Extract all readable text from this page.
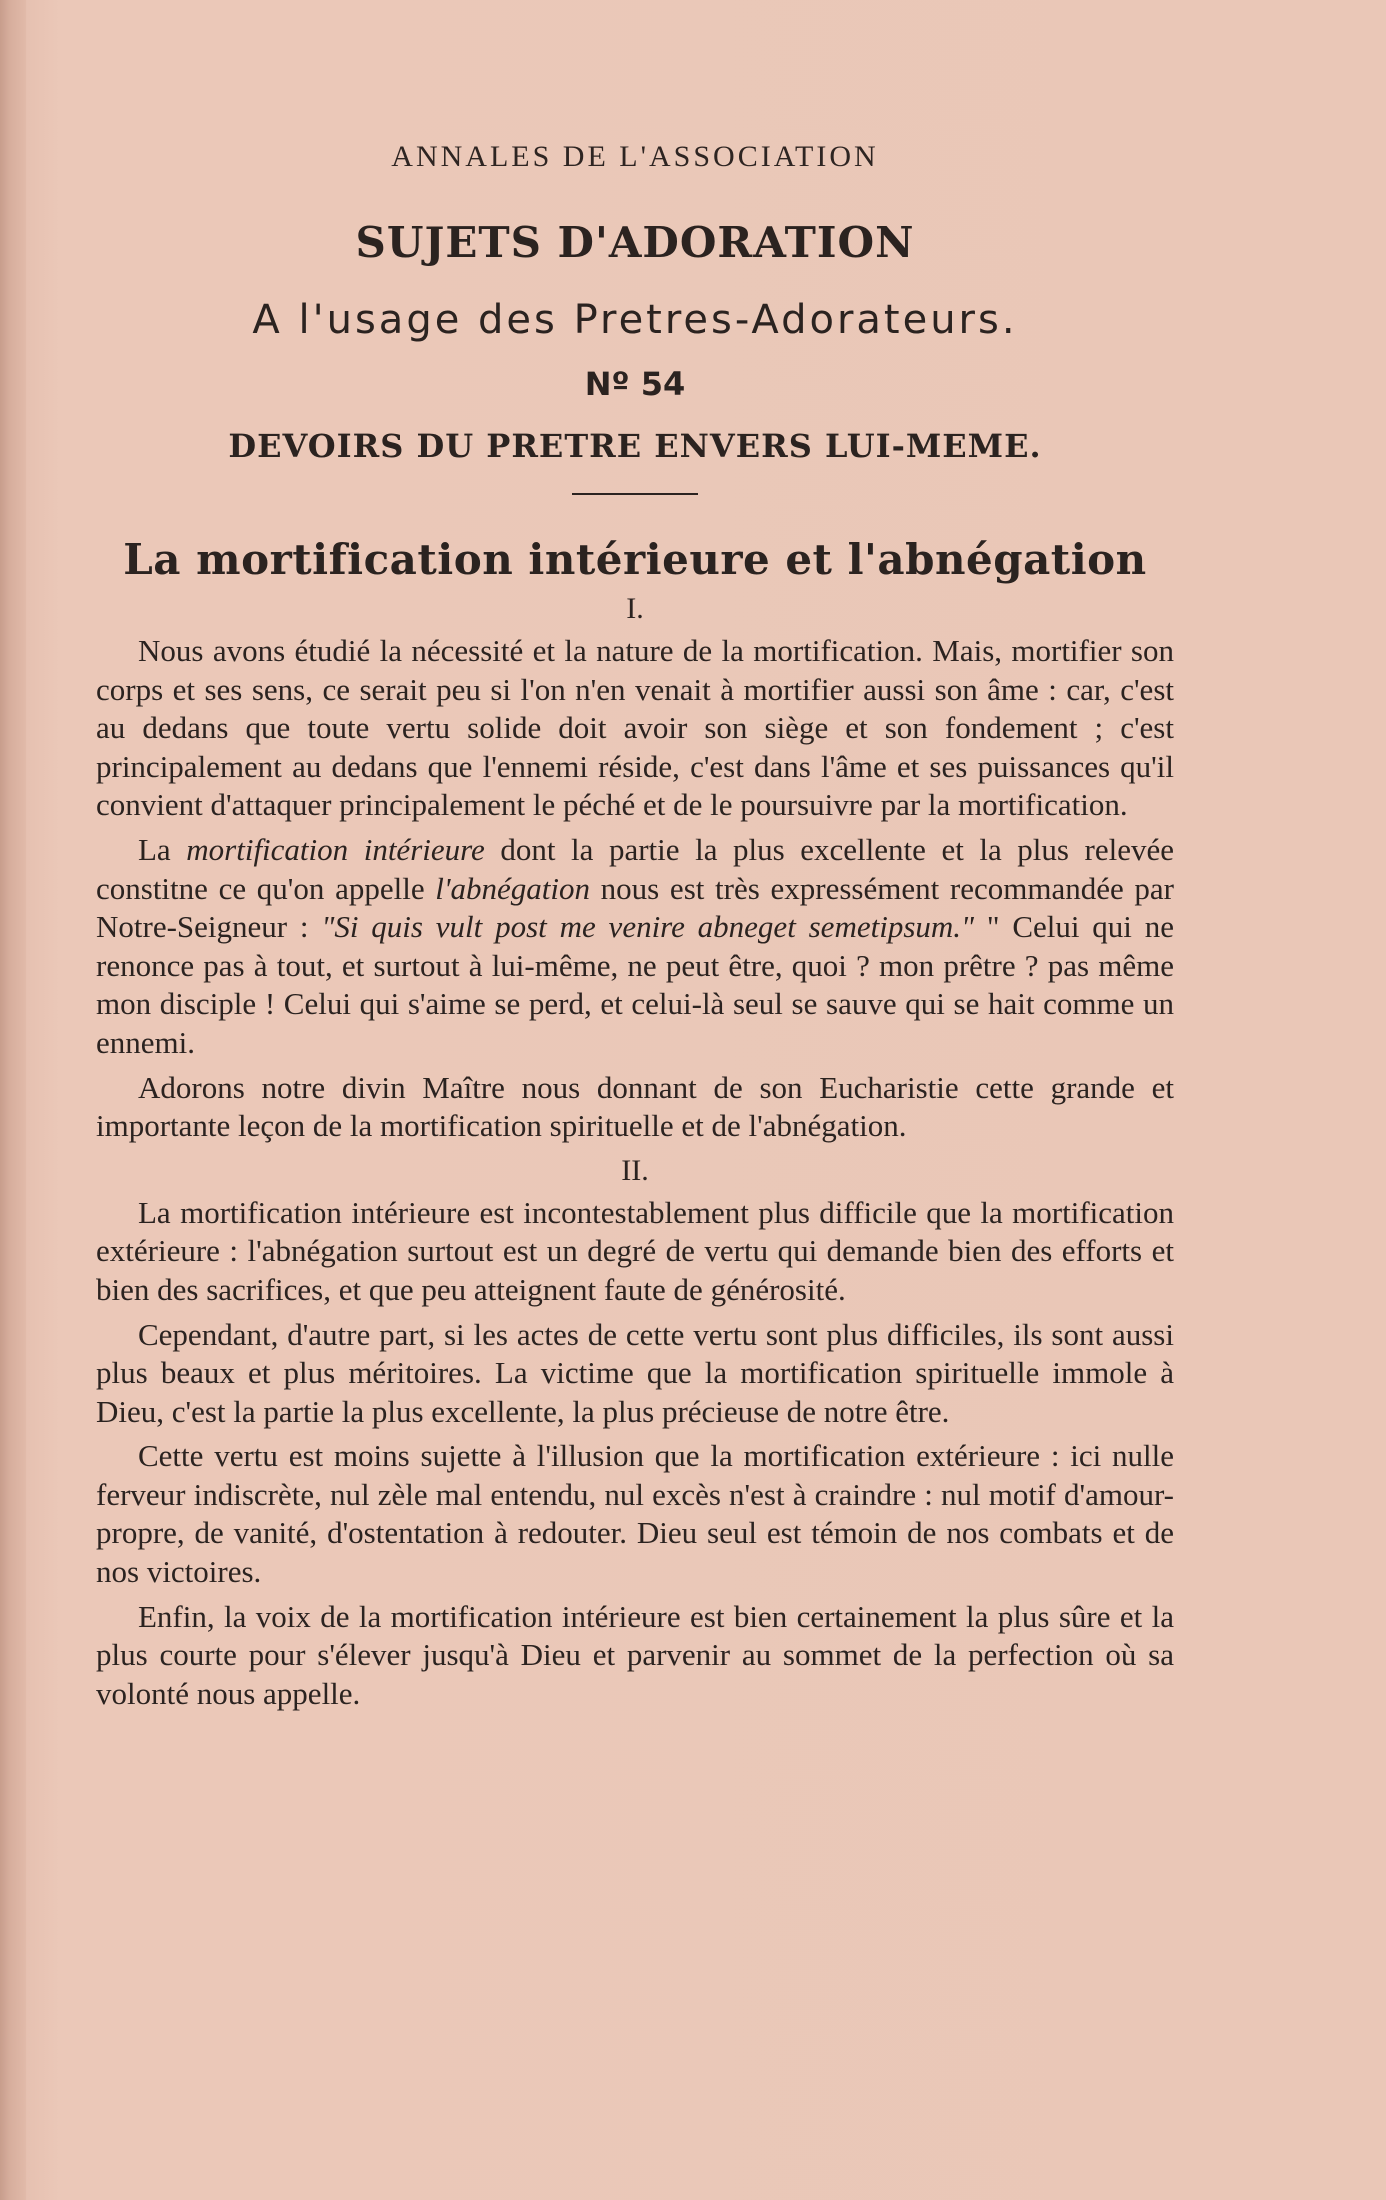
ANNALES DE L'ASSOCIATION
SUJETS D'ADORATION
A l'usage des Pretres-Adorateurs.
Nº 54
DEVOIRS DU PRETRE ENVERS LUI-MEME.
La mortification intérieure et l'abnégation
I.

Nous avons étudié la nécessité et la nature de la mortification. Mais, mortifier son corps et ses sens, ce serait peu si l'on n'en venait à mortifier aussi son âme : car, c'est au dedans que toute vertu solide doit avoir son siège et son fondement ; c'est principalement au dedans que l'ennemi réside, c'est dans l'âme et ses puissances qu'il convient d'attaquer principalement le péché et de le poursuivre par la mortification.

La mortification intérieure dont la partie la plus excellente et la plus relevée constitne ce qu'on appelle l'abnégation nous est très expressément recommandée par Notre-Seigneur : "Si quis vult post me venire abneget semetipsum." " Celui qui ne renonce pas à tout, et surtout à lui-même, ne peut être, quoi ? mon prêtre ? pas même mon disciple ! Celui qui s'aime se perd, et celui-là seul se sauve qui se hait comme un ennemi.

Adorons notre divin Maître nous donnant de son Eucharistie cette grande et importante leçon de la mortification spirituelle et de l'abnégation.

II.

La mortification intérieure est incontestablement plus difficile que la mortification extérieure : l'abnégation surtout est un degré de vertu qui demande bien des efforts et bien des sacrifices, et que peu atteignent faute de générosité.

Cependant, d'autre part, si les actes de cette vertu sont plus difficiles, ils sont aussi plus beaux et plus méritoires. La victime que la mortification spirituelle immole à Dieu, c'est la partie la plus excellente, la plus précieuse de notre être.

Cette vertu est moins sujette à l'illusion que la mortification extérieure : ici nulle ferveur indiscrète, nul zèle mal entendu, nul excès n'est à craindre : nul motif d'amour-propre, de vanité, d'ostentation à redouter. Dieu seul est témoin de nos combats et de nos victoires.

Enfin, la voix de la mortification intérieure est bien certainement la plus sûre et la plus courte pour s'élever jusqu'à Dieu et parvenir au sommet de la perfection où sa volonté nous appelle.
